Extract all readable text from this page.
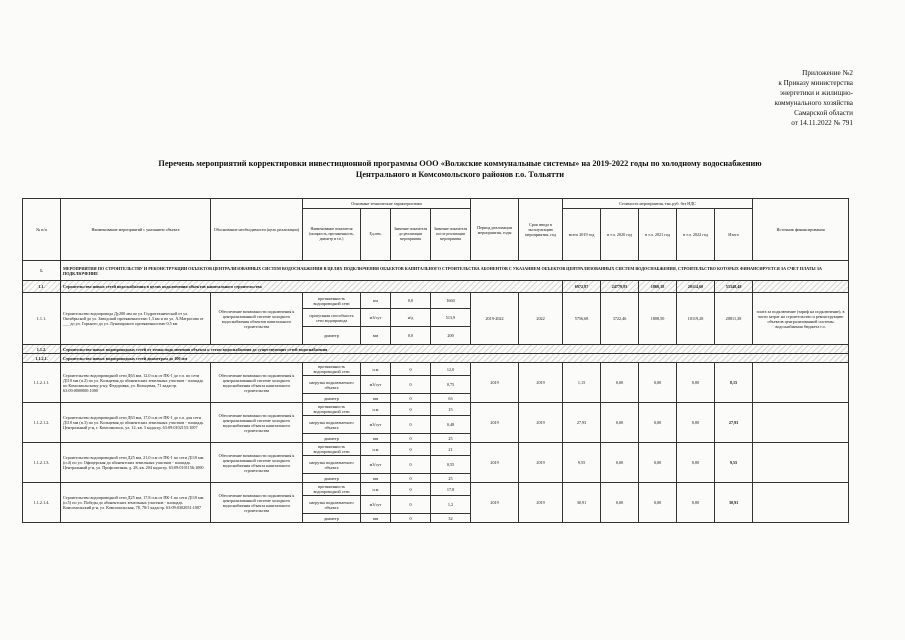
Приложение №2
к Приказу министерства
энергетики и жилищно-
коммунального хозяйства
Самарской области
от 14.11.2022 № 791
Перечень мероприятий корректировки инвестиционной программы ООО «Волжские коммунальные системы» на 2019-2022 годы по холодному водоснабжению
Центрального и Комсомольского районов г.о. Тольятти
№ п/п	Наименование мероприятий с указанием объекта	Обоснование необходимости (цель реализации)	Основные технические характеристики				Период реализации мероприятия, годы	Срок ввода в эксплуатацию мероприятия, год	Стоимость мероприятия, тыс.руб. без НДС					Источник финансирования
			Наименование показателя (мощность, протяженность, диаметр и т.п.)	Ед.изм.	Значение показателя до реализации мероприятия	Значение показателя после реализации мероприятия			всего 2019 год	в т.ч. 2020 год	в т.ч. 2021 год	в т.ч. 2022 год	Итого	
1.	МЕРОПРИЯТИЯ ПО СТРОИТЕЛЬСТВУ И РЕКОНСТРУКЦИИ ОБЪЕКТОВ ЦЕНТРАЛИЗОВАННЫХ СИСТЕМ ВОДОСНАБЖЕНИЯ В ЦЕЛЯХ ПОДКЛЮЧЕНИЯ ОБЪЕКТОВ КАПИТАЛЬНОГО СТРОИТЕЛЬСТВА АБОНЕНТОВ С УКАЗАНИЕМ ОБЪЕКТОВ ЦЕНТРАЛИЗОВАННЫХ СИСТЕМ ВОДОСНАБЖЕНИЯ, СТРОИТЕЛЬСТВО КОТОРЫХ ФИНАНСИРУЕТСЯ ЗА СЧЕТ ПЛАТЫ ЗА ПОДКЛЮЧЕНИЕ													
1.1.	Строительство новых сетей водоснабжения в целях подключения объектов капитального строительства								6972,87	24779,83	1860,18	20114,60	53348,48	
1.1.1.	Строительство водопровода Ду200 мм по ул. Гидротехнической от ул. Октябрьской до ул. Заводской протяженностью 1,3 км и по ул. А.Матросова от ___ до ул. Горького до ул. Луначарского протяженностью 0,5 км	Обеспечение возможности подключения к централизованной системе холодного водоснабжения объектов капитального строительства	протяженность водопроводной сети	км	0,0	1660	2019-2022	2022	5756,68	3722,46	1808,50	10119,28	20811,38	плата за подключение (тариф на подключение), в части затрат на строительство и реконструкцию объектов централизованной системы водоснабжения бюджета г.о.
			пропускная способность сети водопровода	м3/сут	н/д	513,9								
			диаметр	мм	0,0	200								
1.1.2.	Строительство новых водопроводных сетей от точки подключения объекта к сетям водоснабжения до существующих сетей водоснабжения													
1.1.2.1.	Строительство новых водопроводных сетей диаметром до 100 мм													
1.1.2.1.1.	Строительство водопроводной сети Д63 мм, 12,0 п.м от ПК-1 до т.п. по сети Д110 мм (п.2) по ул. Кольцевая до абонентских земельных участков - площадь по Комсомольскому р-ну, Федоровка, ул. Кольцевая, 71 кадастр. 63:09:0000000:1000	Обеспечение возможности подключения к централизованной системе холодного водоснабжения объекта капитального строительства	протяженность водопроводной сети	п.м	0	12,0	2019	2019	1,15	0,00	0,00	0,00	8,15	
			нагрузка подключаемого объекта	м3/сут	0	0,75								
			диаметр	мм	0	63								
1.1.2.1.2.	Строительство водопроводной сети Д63 мм, 17,0 п.м от ПК-1 до т.п. для сети Д110 мм (п.3) по ул. Кольцевая до абонентских земельных участков - площадь Центральный р-н, г. Комсомольск, ул. 12, кв. 3 кадастр. 63:09:0102153:1007	Обеспечение возможности подключения к централизованной системе холодного водоснабжения объекта капитального строительства	протяженность водопроводной сети	п.м	0	15	2019	2019	27,93	0,00	0,00	0,00	27,93	
			нагрузка подключаемого объекта	м3/сут	0	0,48								
			диаметр	мм	0	25								
1.1.2.1.3.	Строительство водопроводной сети Д25 мм, 21,0 п.м от ПК-1 по сети Д110 мм (п.4) по ул. Офицерская до абонентских земельных участков - площадь Центральный р-н, ул. Профсоюзная, д. 28, кв. 204 кадастр. 63:09:0101156:1000	Обеспечение возможности подключения к централизованной системе холодного водоснабжения объекта капитального строительства	протяженность водопроводной сети	п.м	0	21	2019	2019	9,55	0,00	0,00	0,00	9,55	
			нагрузка подключаемого объекта	м3/сут	0	0,55								
			диаметр	мм	0	25								
1.1.2.1.4.	Строительство водопроводной сети Д25 мм, 17,8 п.м от ПК-1 по сети Д110 мм (п.5) по ул. Победы до абонентских земельных участков - площадь Комсомольский р-н, ул. Комсомольская, 78, 78/1 кадастр. 63:09:0302051:1007	Обеспечение возможности подключения к централизованной системе холодного водоснабжения объекта капитального строительства	протяженность водопроводной сети	п.м	0	17,8	2019	2019	30,91	0,00	0,00	0,00	30,91	
			нагрузка подключаемого объекта	м3/сут	0	1,2								
			диаметр	мм	0	32								
